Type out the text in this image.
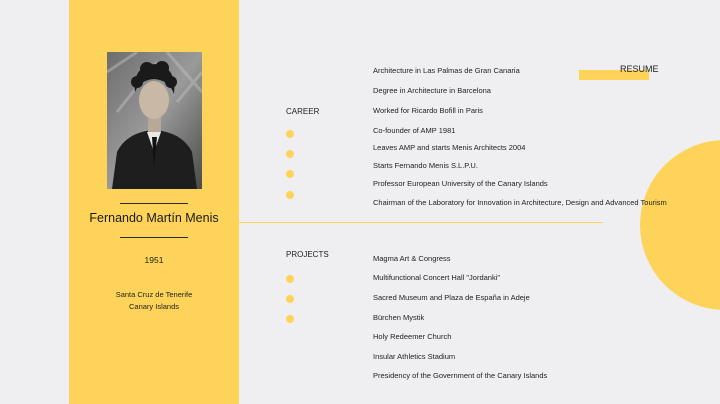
Fernando Martín Menis
1951
Santa Cruz de Tenerife
Canary Islands
RESUME
CAREER
Architecture in Las Palmas de Gran Canaria
Degree in Architecture in Barcelona
Worked for Ricardo Bofill in Paris
Co-founder of AMP 1981
Leaves AMP and starts Menis Architects 2004
Starts Fernando Menis S.L.P.U.
Professor European University of the Canary Islands
Chairman of the Laboratory for Innovation in Architecture, Design and Advanced Tourism
PROJECTS	Magma Art & Congress
Multifunctional Concert Hall "Jordanki"
Sacred Museum and Plaza de España in Adeje
Bürchen Mystik
Holy Redeemer Church
Insular Athletics Stadium
Presidency of the Government of the Canary Islands
